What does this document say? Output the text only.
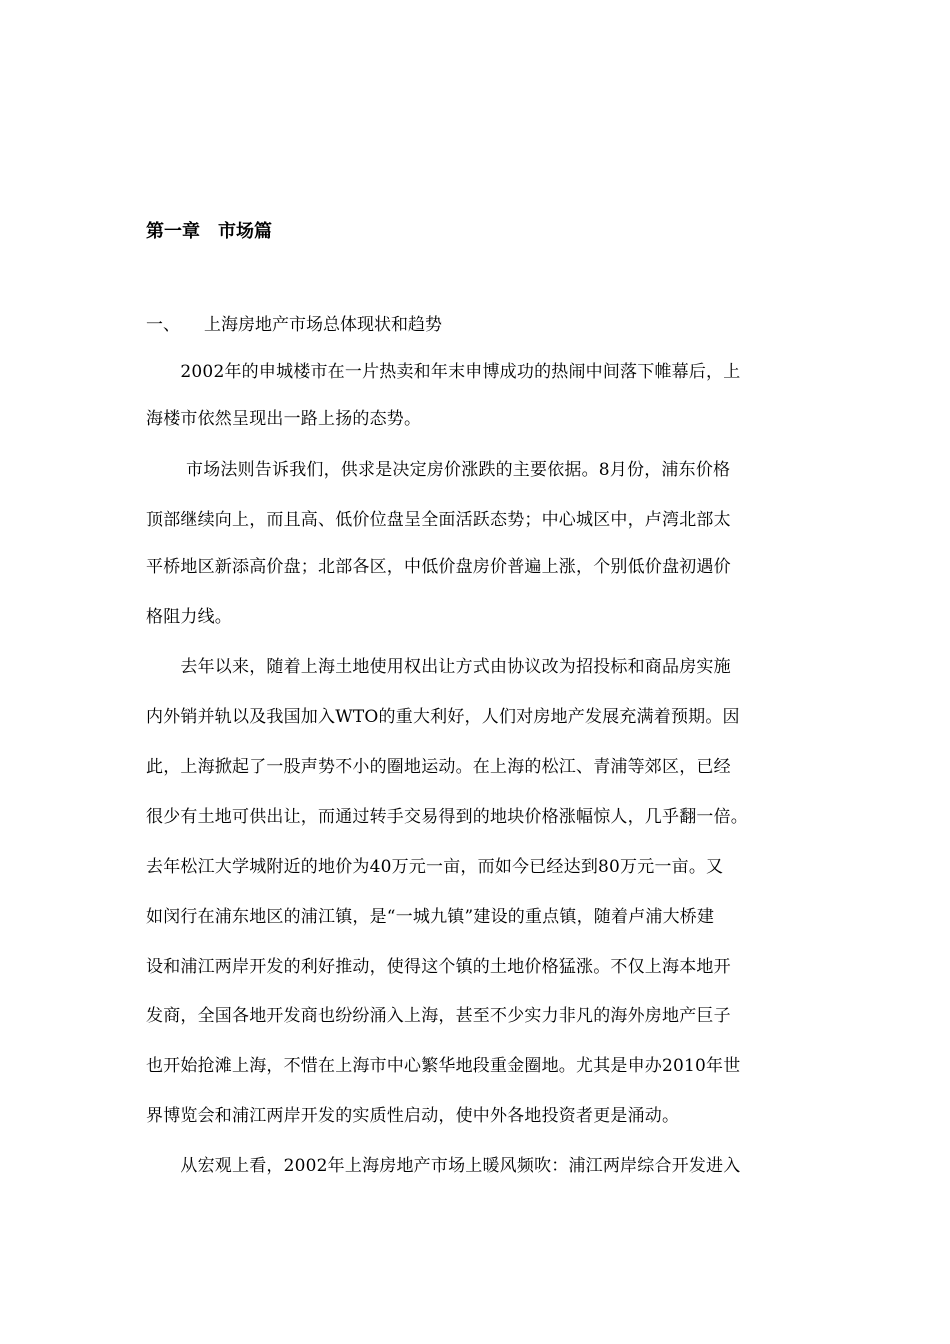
第一章　市场篇
一、 上海房地产市场总体现状和趋势
　　2002年的申城楼市在一片热卖和年末申博成功的热闹中间落下帷幕后，上
海楼市依然呈现出一路上扬的态势。
　　 市场法则告诉我们，供求是决定房价涨跌的主要依据。8月份，浦东价格
顶部继续向上，而且高、低价位盘呈全面活跃态势；中心城区中，卢湾北部太
平桥地区新添高价盘；北部各区，中低价盘房价普遍上涨，个别低价盘初遇价
格阻力线。
　　去年以来，随着上海土地使用权出让方式由协议改为招投标和商品房实施
内外销并轨以及我国加入WTO的重大利好，人们对房地产发展充满着预期。因
此，上海掀起了一股声势不小的圈地运动。在上海的松江、青浦等郊区，已经
很少有土地可供出让，而通过转手交易得到的地块价格涨幅惊人，几乎翻一倍。
去年松江大学城附近的地价为40万元一亩，而如今已经达到80万元一亩。又
如闵行在浦东地区的浦江镇，是“一城九镇”建设的重点镇，随着卢浦大桥建
设和浦江两岸开发的利好推动，使得这个镇的土地价格猛涨。不仅上海本地开
发商，全国各地开发商也纷纷涌入上海，甚至不少实力非凡的海外房地产巨子
也开始抢滩上海，不惜在上海市中心繁华地段重金圈地。尤其是申办2010年世
界博览会和浦江两岸开发的实质性启动，使中外各地投资者更是涌动。
　　从宏观上看，2002年上海房地产市场上暖风频吹：浦江两岸综合开发进入
